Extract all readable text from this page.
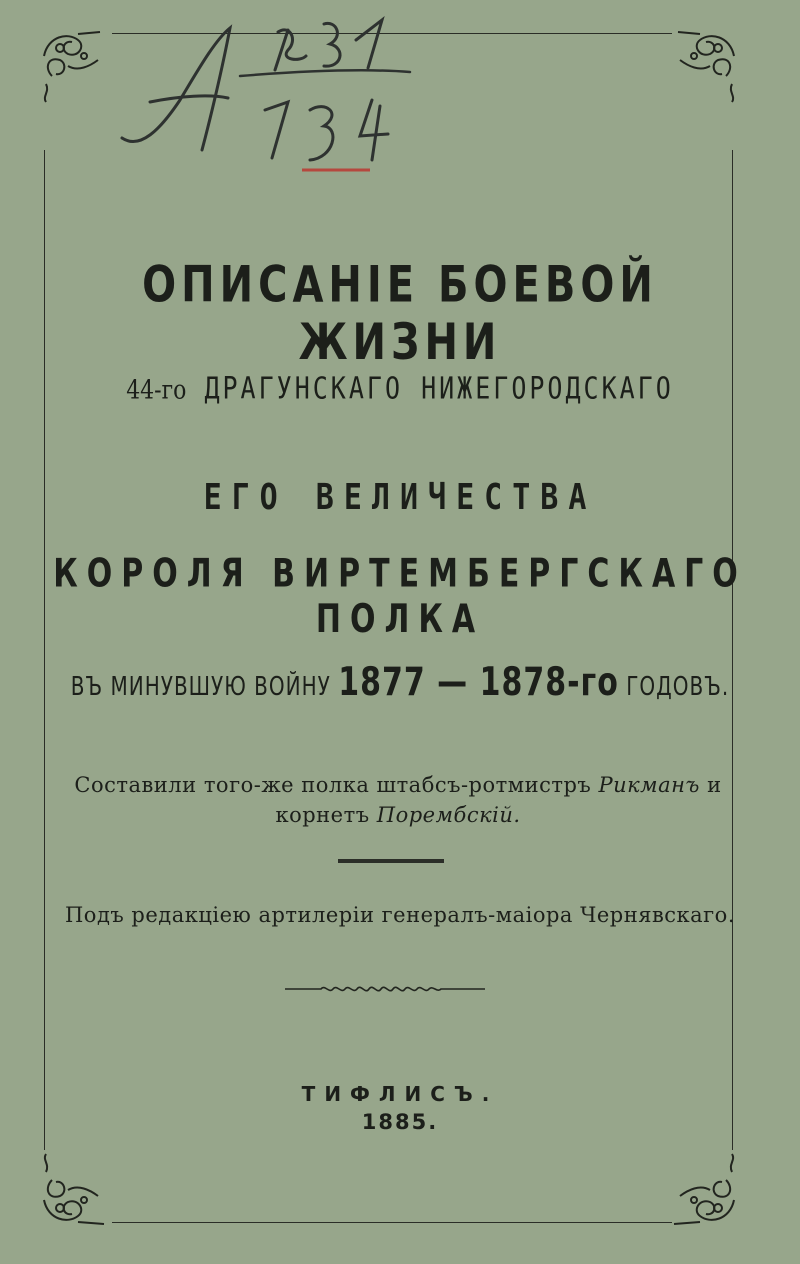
ОПИСАНІЕ БОЕВОЙ ЖИЗНИ
44-го ДРАГУНСКАГО НИЖЕГОРОДСКАГО
ЕГО ВЕЛИЧЕСТВА
КОРОЛЯ ВИРТЕМБЕРГСКАГО ПОЛКА
ВЪ МИНУВШУЮ ВОЙНУ 1877 — 1878-го ГОДОВЪ.
Составили того-же полка штабсъ-ротмистръ Рикманъ и корнетъ Порембскій.
Подъ редакціею артилеріи генералъ-маіора Чернявскаго.
ТИФЛИСЪ.
1885.
